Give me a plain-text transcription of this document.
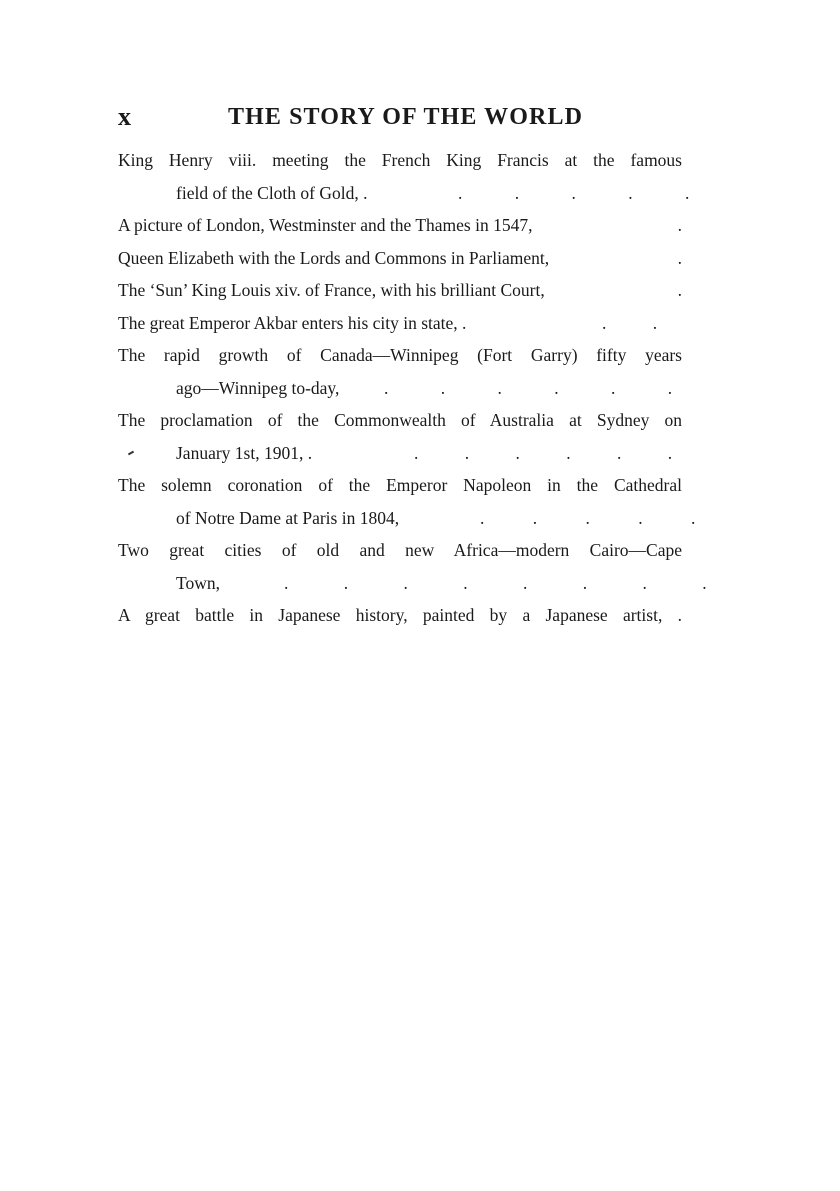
x	THE STORY OF THE WORLD
King Henry viii. meeting the French King Francis at the famous
field of the Cloth of Gold, .	. . . . .
A picture of London, Westminster and the Thames in 1547,	.
Queen Elizabeth with the Lords and Commons in Parliament,	.
The ‘Sun’ King Louis xiv. of France, with his brilliant Court,	.
The great Emperor Akbar enters his city in state, .	. .
The rapid growth of Canada—Winnipeg (Fort Garry) fifty years
ago—Winnipeg to-day,	. . . . . .
The proclamation of the Commonwealth of Australia at Sydney on
January 1st, 1901, .	. . . . . .
The solemn coronation of the Emperor Napoleon in the Cathedral
of Notre Dame at Paris in 1804,	. . . . .
Two great cities of old and new Africa—modern Cairo—Cape
Town,	. . . . . . . .
A great battle in Japanese history, painted by a Japanese artist, .
